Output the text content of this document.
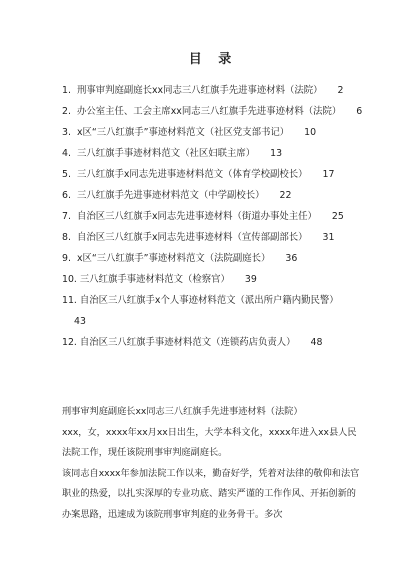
目 录
1. 刑事审判庭副庭长xx同志三八红旗手先进事迹材料（法院） 2
2. 办公室主任、工会主席xx同志三八红旗手先进事迹材料（法院） 6
3. x区“三八红旗手”事迹材料范文（社区党支部书记） 10
4. 三八红旗手事迹材料范文（社区妇联主席） 13
5. 三八红旗手x同志先进事迹材料范文（体育学校副校长） 17
6. 三八红旗手先进事迹材料范文（中学副校长） 22
7. 自治区三八红旗手x同志先进事迹材料（街道办事处主任） 25
8. 自治区三八红旗手x同志先进事迹材料（宣传部副部长） 31
9. x区“三八红旗手”事迹材料范文（法院副庭长） 36
10. 三八红旗手事迹材料范文（检察官） 39
11. 自治区三八红旗手x个人事迹材料范文（派出所户籍内勤民警） 43
12. 自治区三八红旗手事迹材料范文（连锁药店负责人） 48

刑事审判庭副庭长xx同志三八红旗手先进事迹材料（法院）

xxx，女，xxxx年xx月xx日出生，大学本科文化，xxxx年进入xx县人民法院工作，现任该院刑事审判庭副庭长。

该同志自xxxx年参加法院工作以来，勤奋好学，凭着对法律的敬仰和法官职业的热爱，以扎实深厚的专业功底、踏实严谨的工作作风、开拓创新的办案思路，迅速成为该院刑事审判庭的业务骨干。多次
